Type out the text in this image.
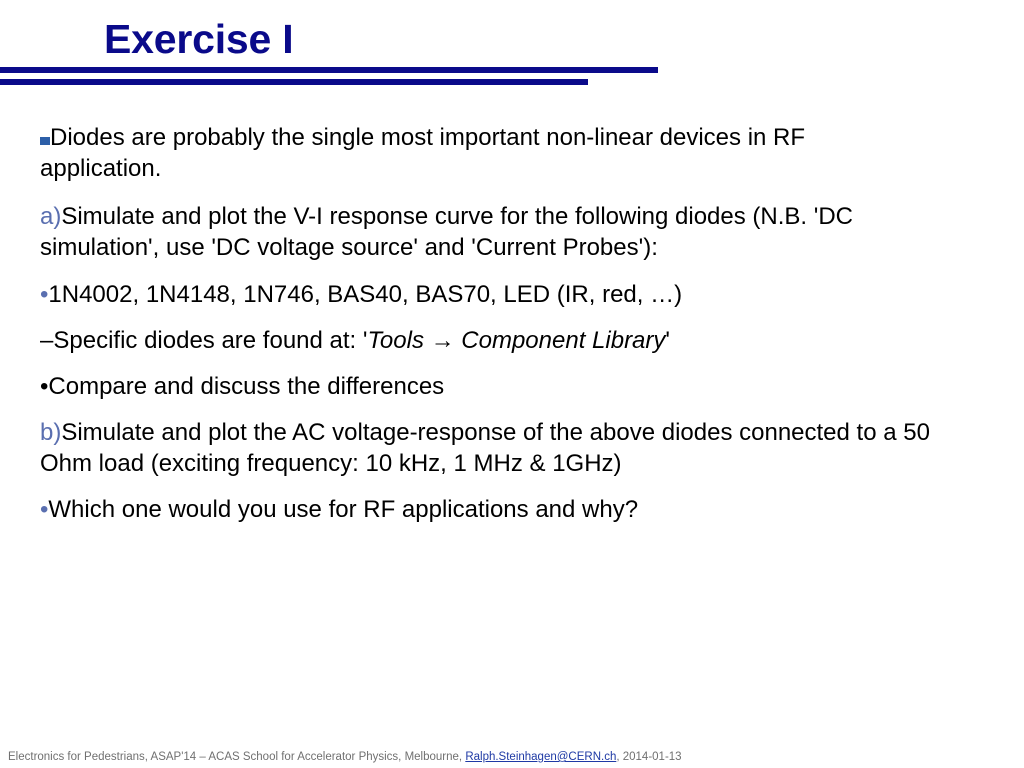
Exercise I

Diodes are probably the single most important non-linear devices in RF
application.

a)Simulate and plot the V-I response curve for the following diodes (N.B. 'DC
simulation', use 'DC voltage source' and 'Current Probes'):

•1N4002, 1N4148, 1N746, BAS40, BAS70, LED (IR, red, …)

–Specific diodes are found at: 'Tools → Component Library'

•Compare and discuss the differences

b)Simulate and plot the AC voltage-response of the above diodes connected to a 50
Ohm load (exciting frequency: 10 kHz, 1 MHz & 1GHz)

•Which one would you use for RF applications and why?

Electronics for Pedestrians, ASAP'14 – ACAS School for Accelerator Physics, Melbourne, Ralph.Steinhagen@CERN.ch, 2014-01-13
